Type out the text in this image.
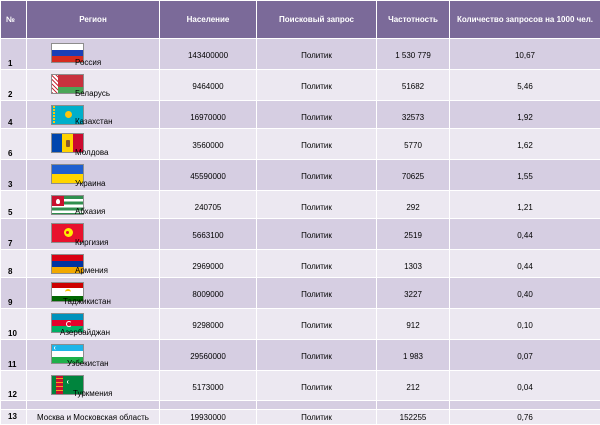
№	Регион	Население	Поисковый запрос	Частотность	Количество запросов на 1000 чел.
1	Россия	143400000	Политик	1 530 779	10,67
2	Беларусь	9464000	Политик	51682	5,46
4	Казахстан	16970000	Политик	32573	1,92
6	Молдова	3560000	Политик	5770	1,62
3	Украина	45590000	Политик	70625	1,55
5	Абхазия	240705	Политик	292	1,21
7	Киргизия	5663100	Политик	2519	0,44
8	Армения	2969000	Политик	1303	0,44
9	Таджикистан	8009000	Политик	3227	0,40
10	Азербайджан	9298000	Политик	912	0,10
11	Узбекистан	29560000	Политик	1 983	0,07
12	Туркмения	5173000	Политик	212	0,04

13	Москва и Московская область	19930000	Политик	152255	0,76
